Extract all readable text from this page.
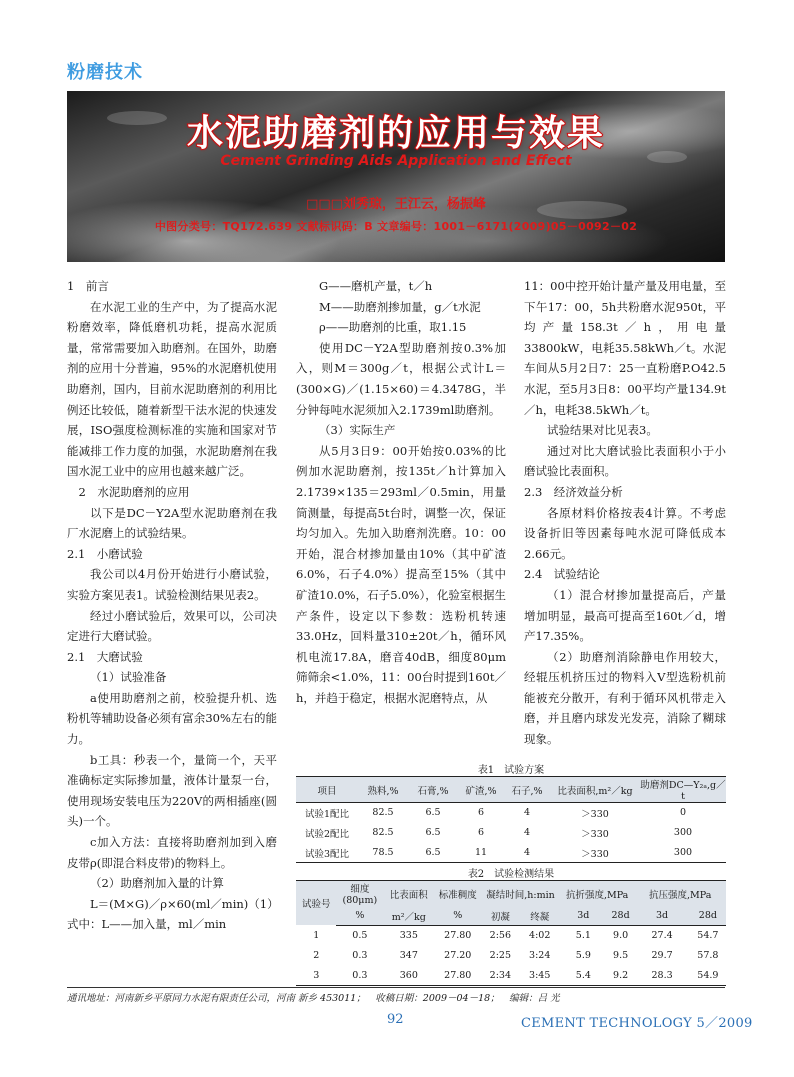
粉磨技术
水泥助磨剂的应用与效果
Cement Grinding Aids Application and Effect
□□□刘秀琼，王江云，杨振峰
中图分类号：TQ172.639 文献标识码：B 文章编号：1001－6171(2009)05－0092－02

1　前言

在水泥工业的生产中，为了提高水泥粉磨效率，降低磨机功耗，提高水泥质量，常常需要加入助磨剂。在国外，助磨剂的应用十分普遍，95%的水泥磨机使用助磨剂，国内，目前水泥助磨剂的利用比例还比较低，随着新型干法水泥的快速发展，ISO强度检测标准的实施和国家对节能减排工作力度的加强，水泥助磨剂在我国水泥工业中的应用也越来越广泛。

2　水泥助磨剂的应用

以下是DC－Y2A型水泥助磨剂在我厂水泥磨上的试验结果。

2.1　小磨试验

我公司以4月份开始进行小磨试验，实验方案见表1。试验检测结果见表2。

经过小磨试验后，效果可以，公司决定进行大磨试验。

2.1　大磨试验

（1）试验准备

a使用助磨剂之前，校验提升机、选粉机等辅助设备必须有富余30%左右的能力。

b工具：秒表一个，量筒一个，天平准确标定实际掺加量，液体计量泵一台，使用现场安装电压为220V的两相插座(圆头)一个。

c加入方法：直接将助磨剂加到入磨皮带ρ(即混合料皮带)的物料上。

（2）助磨剂加入量的计算

L＝(M×G)／ρ×60(ml／min)（1）

式中：L——加入量，ml／min

G——磨机产量，t／h

M——助磨剂掺加量，g／t水泥

ρ——助磨剂的比重，取1.15

使用DC－Y2A型助磨剂按0.3%加入，则M＝300g／t，根据公式计L＝(300×G)／(1.15×60)＝4.3478G，半分钟每吨水泥须加入2.1739ml助磨剂。

（3）实际生产

从5月3日9：00开始按0.03%的比例加水泥助磨剂，按135t／h计算加入2.1739×135＝293ml／0.5min，用量筒测量，每提高5t台时，调整一次，保证均匀加入。先加入助磨剂洗磨。10：00开始，混合材掺加量由10%（其中矿渣6.0%，石子4.0%）提高至15%（其中矿渣10.0%，石子5.0%），化验室根据生产条件，设定以下参数：选粉机转速33.0Hz，回料量310±20t／h，循环风机电流17.8A，磨音40dB，细度80μm筛筛余<1.0%，11：00台时提到160t／h，并趋于稳定，根据水泥磨特点，从

11：00中控开始计量产量及用电量，至下午17：00，5h共粉磨水泥950t，平均产量158.3t／h，用电量33800kW，电耗35.58kWh／t。水泥车间从5月2日7：25一直粉磨P.O42.5水泥，至5月3日8：00平均产量134.9t／h，电耗38.5kWh／t。

试验结果对比见表3。

通过对比大磨试验比表面积小于小磨试验比表面积。

2.3　经济效益分析

各原材料价格按表4计算。不考虑设备折旧等因素每吨水泥可降低成本2.66元。

2.4　试验结论

（1）混合材掺加量提高后，产量增加明显，最高可提高至160t／d，增产17.35%。

（2）助磨剂消除静电作用较大，经辊压机挤压过的物料入V型选粉机前能被充分散开，有利于循环风机带走入磨，并且磨内球发光发亮，消除了糊球现象。

表1　试验方案
项目	熟料,%	石膏,%	矿渣,%	石子,%	比表面积,m²／kg	助磨剂DC—Y₂ₐ,g／t
试验1配比	82.5	6.5	6	4	＞330	0
试验2配比	82.5	6.5	6	4	＞330	300
试验3配比	78.5	6.5	11	4	＞330	300
表2　试验检测结果
试验号	细度(80μm)	比表面积	标准稠度	凝结时间,h:min		抗折强度,MPa		抗压强度,MPa	
	%	m²／kg	%	初凝	终凝	3d	28d	3d	28d
1	0.5	335	27.80	2:56	4:02	5.1	9.0	27.4	54.7
2	0.3	347	27.20	2:25	3:24	5.9	9.5	29.7	57.8
3	0.3	360	27.80	2:34	3:45	5.4	9.2	28.3	54.9
通讯地址：河南新乡平原同力水泥有限责任公司，河南 新乡 453011；　收稿日期：2009－04－18；　编辑：吕 光
92	CEMENT TECHNOLOGY 5／2009
